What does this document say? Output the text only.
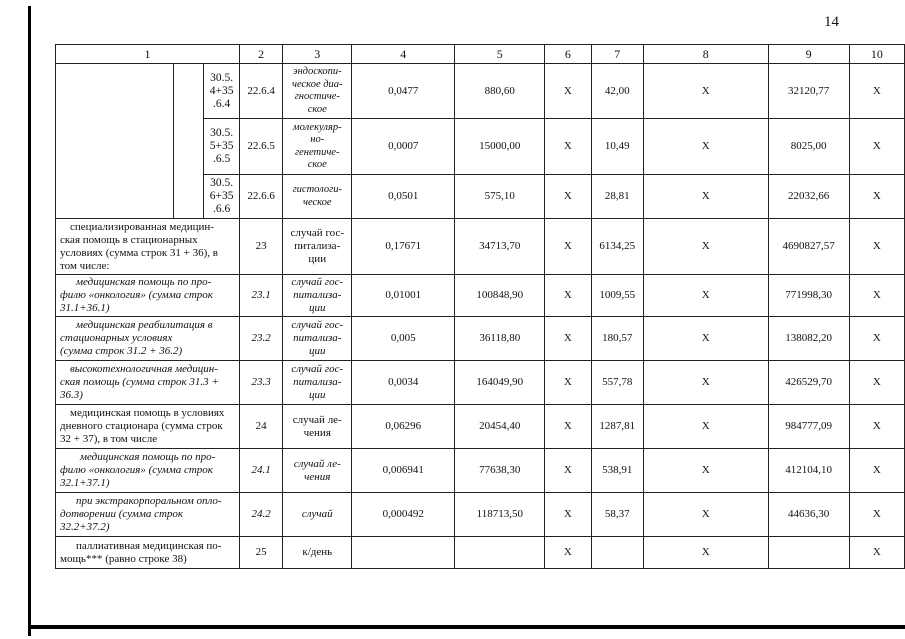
14
1			2	3	4	5	6	7	8	9	10
		30.5.
4+35
.6.4	22.6.4	эндоскопи-
ческое диа-
гностиче-
ское	0,0477	880,60	X	42,00	X	32120,77	X
		30.5.
5+35
.6.5	22.6.5	молекуляр-
но-
генетиче-
ское	0,0007	15000,00	X	10,49	X	8025,00	X
		30.5.
6+35
.6.6	22.6.6	гистологи-
ческое	0,0501	575,10	X	28,81	X	22032,66	X
специализированная медицин-
ская помощь в стационарных
условиях (сумма строк 31 + 36), в
том числе:			23	случай гос-
питализа-
ции	0,17671	34713,70	X	6134,25	X	4690827,57	X
медицинская помощь по про-
филю «онкология» (сумма строк
31.1+36.1)			23.1	случай гос-
питализа-
ции	0,01001	100848,90	X	1009,55	X	771998,30	X
медицинская реабилитация в
стационарных условиях
(сумма строк 31.2 + 36.2)			23.2	случай гос-
питализа-
ции	0,005	36118,80	X	180,57	X	138082,20	X
высокотехнологичная медицин-
ская помощь (сумма строк 31.3 +
36.3)			23.3	случай гос-
питализа-
ции	0,0034	164049,90	X	557,78	X	426529,70	X
медицинская помощь в условиях
дневного стационара (сумма строк
32 + 37), в том числе			24	случай ле-
чения	0,06296	20454,40	X	1287,81	X	984777,09	X
медицинская помощь по про-
филю «онкология» (сумма строк
32.1+37.1)			24.1	случай ле-
чения	0,006941	77638,30	X	538,91	X	412104,10	X
при экстракорпоральном опло-
дотворении (сумма строк
32.2+37.2)			24.2	случай	0,000492	118713,50	X	58,37	X	44636,30	X
паллиативная медицинская по-
мощь*** (равно строке 38)			25	к/день			X		X		X
